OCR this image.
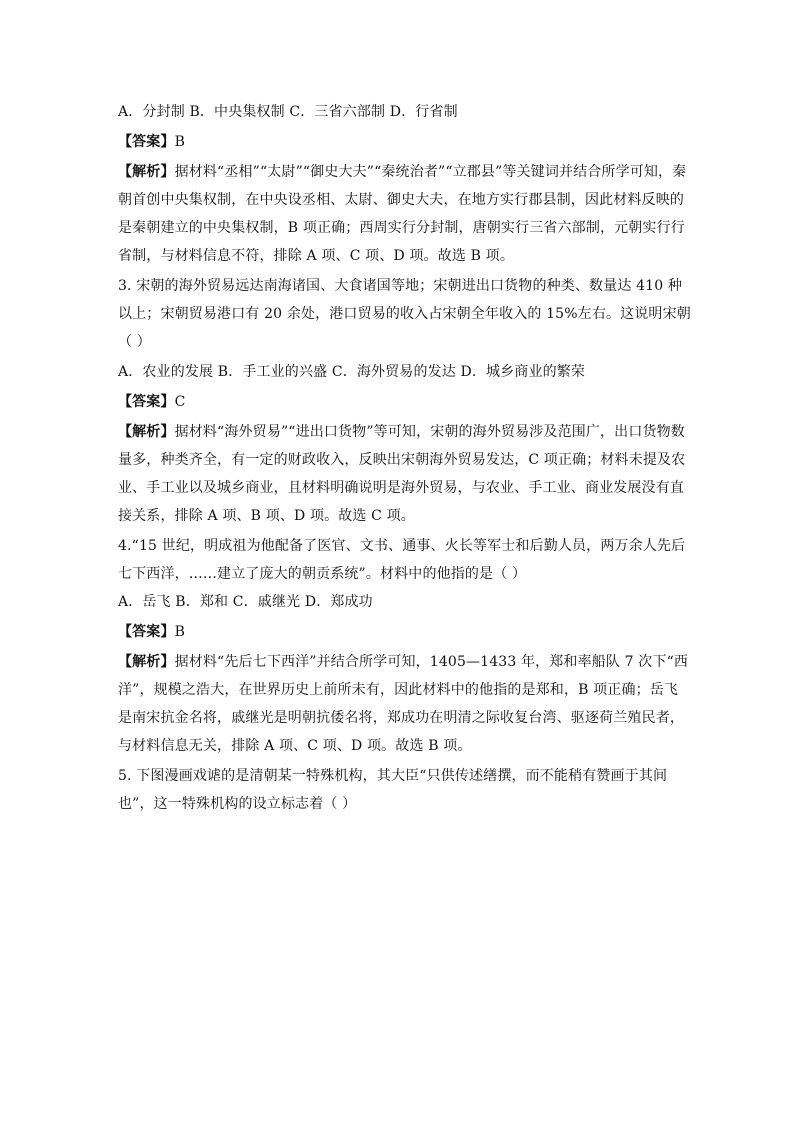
A．分封制 B．中央集权制 C．三省六部制 D．行省制
【答案】B
【解析】据材料“丞相”“太尉”“御史大夫”“秦统治者”“立郡县”等关键词并结合所学可知，秦
朝首创中央集权制，在中央设丞相、太尉、御史大夫，在地方实行郡县制，因此材料反映的
是秦朝建立的中央集权制，B 项正确；西周实行分封制，唐朝实行三省六部制，元朝实行行
省制，与材料信息不符，排除 A 项、C 项、D 项。故选 B 项。
3. 宋朝的海外贸易远达南海诸国、大食诸国等地；宋朝进出口货物的种类、数量达 410 种
以上；宋朝贸易港口有 20 余处，港口贸易的收入占宋朝全年收入的 15%左右。这说明宋朝
（ ）
A．农业的发展 B．手工业的兴盛 C．海外贸易的发达 D．城乡商业的繁荣
【答案】C
【解析】据材料“海外贸易”“进出口货物”等可知，宋朝的海外贸易涉及范围广，出口货物数
量多，种类齐全，有一定的财政收入，反映出宋朝海外贸易发达，C 项正确；材料未提及农
业、手工业以及城乡商业，且材料明确说明是海外贸易，与农业、手工业、商业发展没有直
接关系，排除 A 项、B 项、D 项。故选 C 项。
4.“15 世纪，明成祖为他配备了医官、文书、通事、火长等军士和后勤人员，两万余人先后
七下西洋，……建立了庞大的朝贡系统”。材料中的他指的是（ ）
A．岳飞 B．郑和 C．戚继光 D．郑成功
【答案】B
【解析】据材料“先后七下西洋”并结合所学可知，1405—1433 年，郑和率船队 7 次下“西
洋”，规模之浩大，在世界历史上前所未有，因此材料中的他指的是郑和，B 项正确；岳飞
是南宋抗金名将，戚继光是明朝抗倭名将，郑成功在明清之际收复台湾、驱逐荷兰殖民者，
与材料信息无关，排除 A 项、C 项、D 项。故选 B 项。
5. 下图漫画戏谑的是清朝某一特殊机构，其大臣“只供传述缮撰，而不能稍有赞画于其间
也”，这一特殊机构的设立标志着（ ）
